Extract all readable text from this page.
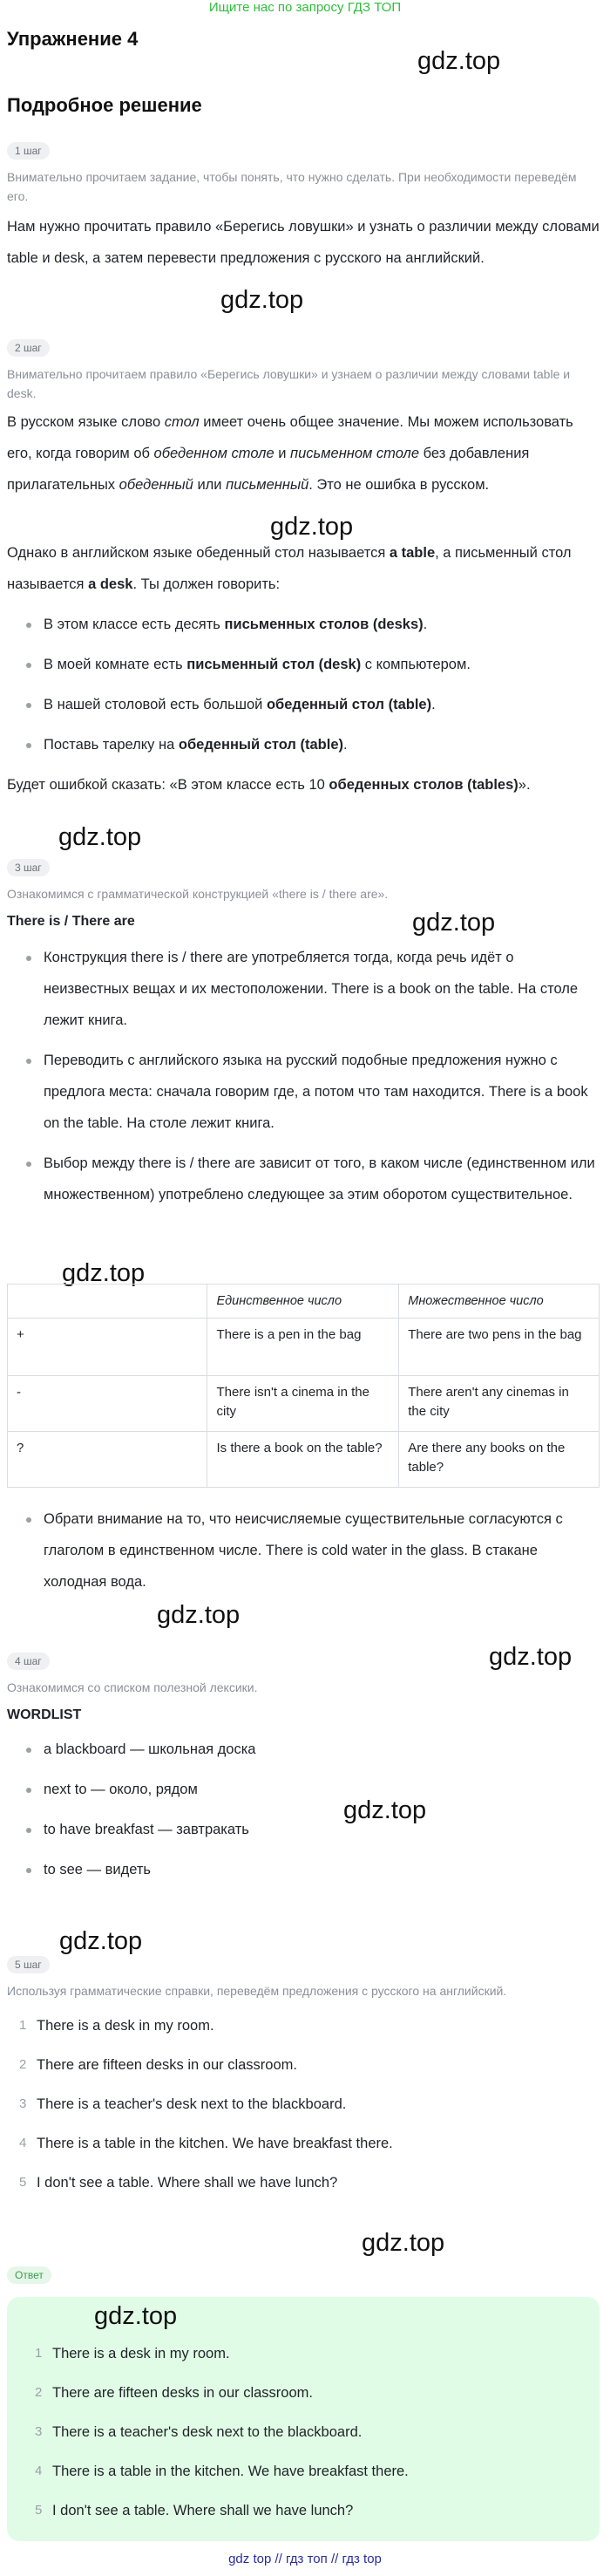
Ищите нас по запросу ГДЗ ТОП
Упражнение 4
gdz.top
Подробное решение
1 шаг
Внимательно прочитаем задание, чтобы понять, что нужно сделать. При необходимости переведём его.
Нам нужно прочитать правило «Берегись ловушки» и узнать о различии между словами table и desk, а затем перевести предложения с русского на английский.
gdz.top
2 шаг
Внимательно прочитаем правило «Берегись ловушки» и узнаем о различии между словами table и desk.
В русском языке слово стол имеет очень общее значение. Мы можем использовать его, когда говорим об обеденном столе и письменном столе без добавления прилагательных обеденный или письменный. Это не ошибка в русском.
Однако в английском языке обеденный стол называется a table, а письменный стол называется a desk. Ты должен говорить:
В этом классе есть десять письменных столов (desks).
В моей комнате есть письменный стол (desk) с компьютером.
В нашей столовой есть большой обеденный стол (table).
Поставь тарелку на обеденный стол (table).
Будет ошибкой сказать: «В этом классе есть 10 обеденных столов (tables)».
gdz.top
gdz.top
3 шаг
Ознакомимся с грамматической конструкцией «there is / there are».
There is / There are
Конструкция there is / there are употребляется тогда, когда речь идёт о неизвестных вещах и их местоположении. There is a book on the table. На столе лежит книга.
Переводить с английского языка на русский подобные предложения нужно с предлога места: сначала говорим где, а потом что там находится. There is a book on the table. На столе лежит книга.
Выбор между there is / there are зависит от того, в каком числе (единственном или множественном) употреблено следующее за этим оборотом существительное.
gdz.top
gdz.top
	Единственное число	Множественное число
+	There is a pen in the bag	There are two pens in the bag
-	There isn't a cinema in the city	There aren't any cinemas in the city
?	Is there a book on the table?	Are there any books on the table?
Обрати внимание на то, что неисчисляемые существительные согласуются с глаголом в единственном числе. There is cold water in the glass. В стакане холодная вода.
gdz.top
gdz.top
4 шаг
Ознакомимся со списком полезной лексики.
WORDLIST
a blackboard — школьная доска
next to — около, рядом
to have breakfast — завтракать
to see — видеть
gdz.top
gdz.top
5 шаг
Используя грамматические справки, переведём предложения с русского на английский.
1 There is a desk in my room.
2 There are fifteen desks in our classroom.
3 There is a teacher's desk next to the blackboard.
4 There is a table in the kitchen. We have breakfast there.
5 I don't see a table. Where shall we have lunch?
gdz.top
Ответ
gdz.top
1 There is a desk in my room.
2 There are fifteen desks in our classroom.
3 There is a teacher's desk next to the blackboard.
4 There is a table in the kitchen. We have breakfast there.
5 I don't see a table. Where shall we have lunch?
gdz top // гдз топ // гдз top
